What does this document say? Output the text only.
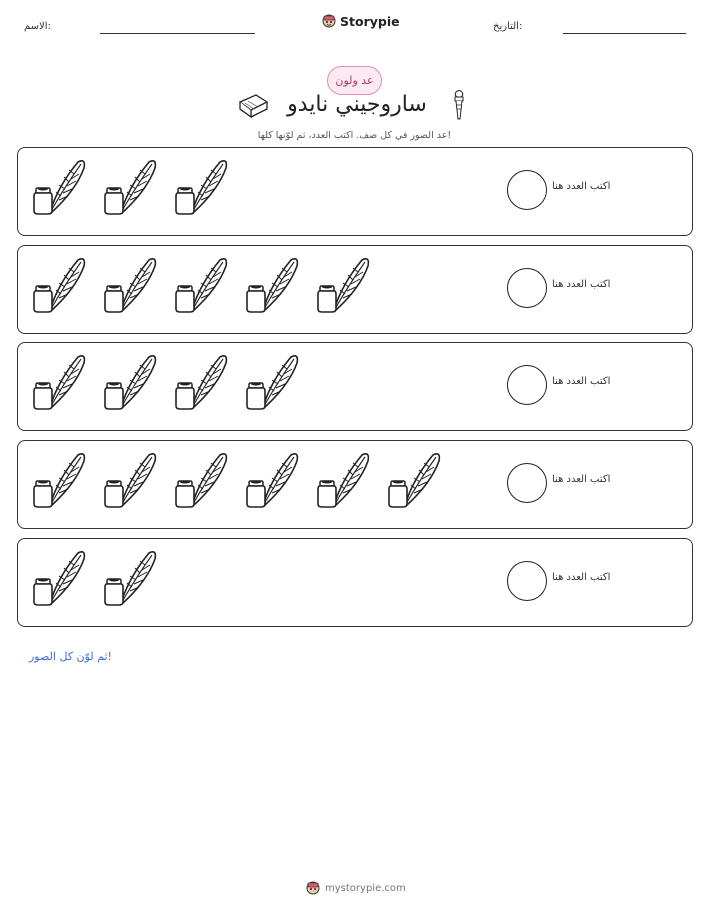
الاسم:	Storypie	التاريخ:
عد ولون
ساروجيني نايدو
عد الصور في كل صف. اكتب العدد، ثم لوّنها كلها!
اكتب العدد هنا
اكتب العدد هنا
اكتب العدد هنا
اكتب العدد هنا
اكتب العدد هنا
ثم لوّن كل الصور!
mystorypie.com
